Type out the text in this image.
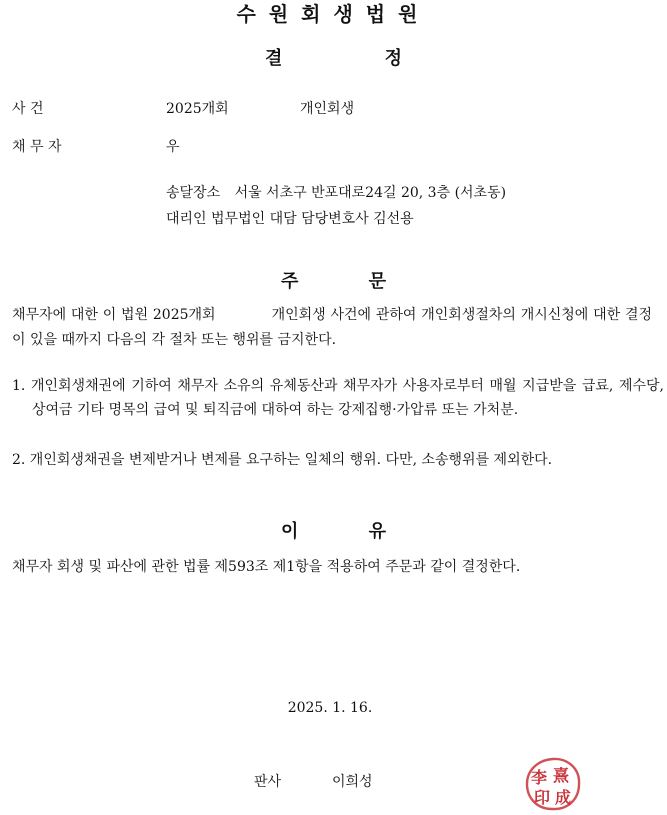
수원회생법원
결	정
사 건	2025개회	개인회생
채 무 자	우
송달장소 서울 서초구 반포대로24길 20, 3층 (서초동)
대리인 법무법인 대담 담당변호사 김선용
주	문
채무자에 대한 이 법원 2025개회	개인회생 사건에 관하여 개인회생절차의 개시신청에 대한 결정이 있을 때까지 다음의 각 절차 또는 행위를 금지한다.
1. 개인회생채권에 기하여 채무자 소유의 유체동산과 채무자가 사용자로부터 매월 지급받을 급료, 제수당, 상여금 기타 명목의 급여 및 퇴직금에 대하여 하는 강제집행·가압류 또는 가처분.
2. 개인회생채권을 변제받거나 변제를 요구하는 일체의 행위. 다만, 소송행위를 제외한다.
이	유
채무자 회생 및 파산에 관한 법률 제593조 제1항을 적용하여 주문과 같이 결정한다.
2025. 1. 16.
판사	이희성	李 熹
印 成
